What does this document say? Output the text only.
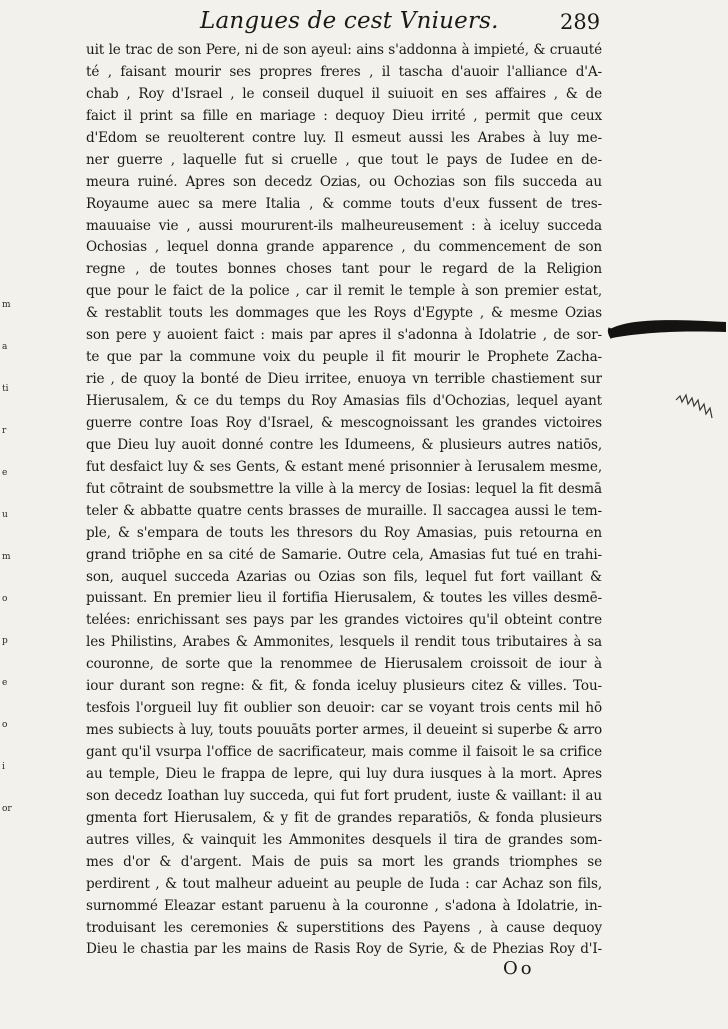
Langues de cest Vniuers.	289
m
a
ti
r
e
u
m
o
p
e
o
i
or
uit le trac de son Pere, ni de son ayeul: ains s'addonna à impieté, & cruauté
té , faisant mourir ses propres freres , il tascha d'auoir l'alliance d'A-
chab , Roy d'Israel , le conseil duquel il suiuoit en ses affaires , & de
faict il print sa fille en mariage : dequoy Dieu irrité , permit que ceux
d'Edom se reuolterent contre luy. Il esmeut aussi les Arabes à luy me-
ner guerre , laquelle fut si cruelle , que tout le pays de Iudee en de-
meura ruiné. Apres son decedz Ozias, ou Ochozias son fils succeda au
Royaume auec sa mere Italia , & comme touts d'eux fussent de tres-
mauuaise vie , aussi moururent-ils malheureusement : à iceluy succeda
Ochosias , lequel donna grande apparence , du commencement de son
regne , de toutes bonnes choses tant pour le regard de la Religion
que pour le faict de la police , car il remit le temple à son premier estat,
& restablit touts les dommages que les Roys d'Egypte , & mesme Ozias
son pere y auoient faict : mais par apres il s'adonna à Idolatrie , de sor-
te que par la commune voix du peuple il fit mourir le Prophete Zacha-
rie , de quoy la bonté de Dieu irritee, enuoya vn terrible chastiement sur
Hierusalem, & ce du temps du Roy Amasias fils d'Ochozias, lequel ayant
guerre contre Ioas Roy d'Israel, & mescognoissant les grandes victoires
que Dieu luy auoit donné contre les Idumeens, & plusieurs autres natiōs,
fut desfaict luy & ses Gents, & estant mené prisonnier à Ierusalem mesme,
fut cōtraint de soubsmettre la ville à la mercy de Iosias: lequel la fit desmā
teler & abbatte quatre cents brasses de muraille. Il saccagea aussi le tem-
ple, & s'empara de touts les thresors du Roy Amasias, puis retourna en
grand triōphe en sa cité de Samarie. Outre cela, Amasias fut tué en trahi-
son, auquel succeda Azarias ou Ozias son fils, lequel fut fort vaillant &
puissant. En premier lieu il fortifia Hierusalem, & toutes les villes desmē-
telées: enrichissant ses pays par les grandes victoires qu'il obteint contre
les Philistins, Arabes & Ammonites, lesquels il rendit tous tributaires à sa
couronne, de sorte que la renommee de Hierusalem croissoit de iour à
iour durant son regne: & fit, & fonda iceluy plusieurs citez & villes. Tou-
tesfois l'orgueil luy fit oublier son deuoir: car se voyant trois cents mil hō
mes subiects à luy, touts pouuāts porter armes, il deueint si superbe & arro
gant qu'il vsurpa l'office de sacrificateur, mais comme il faisoit le sa crifice
au temple, Dieu le frappa de lepre, qui luy dura iusques à la mort. Apres
son decedz Ioathan luy succeda, qui fut fort prudent, iuste & vaillant: il au
gmenta fort Hierusalem, & y fit de grandes reparatiōs, & fonda plusieurs
autres villes, & vainquit les Ammonites desquels il tira de grandes som-
mes d'or & d'argent. Mais de puis sa mort les grands triomphes se
perdirent , & tout malheur adueint au peuple de Iuda : car Achaz son fils,
surnommé Eleazar estant paruenu à la couronne , s'adona à Idolatrie, in-
troduisant les ceremonies & superstitions des Payens , à cause dequoy
Dieu le chastia par les mains de Rasis Roy de Syrie, & de Phezias Roy d'I-
Oo
